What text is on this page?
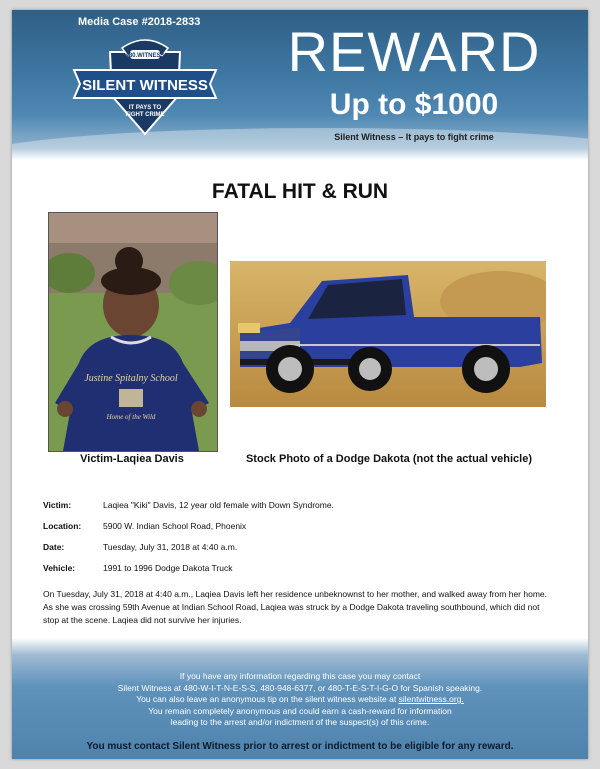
Media Case #2018-2833
480.WITNESS
SILENT WITNESS
IT PAYS TO
FIGHT CRIME
REWARD
Up to $1000
Silent Witness – It pays to fight crime
FATAL HIT & RUN
Justine Spitalny School
Home of the Wild
Victim-Laqiea Davis	Stock Photo of a Dodge Dakota (not the actual vehicle)
Victim:	Laqiea "Kiki" Davis, 12 year old female with Down Syndrome.
Location:	5900 W. Indian School Road, Phoenix
Date:	Tuesday, July 31, 2018 at 4:40 a.m.
Vehicle:	1991 to 1996 Dodge Dakota Truck
On Tuesday, July 31, 2018 at 4:40 a.m., Laqiea Davis left her residence unbeknownst to her mother, and walked away from her home. As she was crossing 59th Avenue at Indian School Road, Laqiea was struck by a Dodge Dakota traveling southbound, which did not stop at the scene. Laqiea did not survive her injuries.
If you have any information regarding this case you may contact
Silent Witness at 480-W-I-T-N-E-S-S, 480-948-6377, or 480-T-E-S-T-I-G-O for Spanish speaking.
You can also leave an anonymous tip on the silent witness website at silentwitness.org.
You remain completely anonymous and could earn a cash-reward for information
leading to the arrest and/or indictment of the suspect(s) of this crime.
You must contact Silent Witness prior to arrest or indictment to be eligible for any reward.
